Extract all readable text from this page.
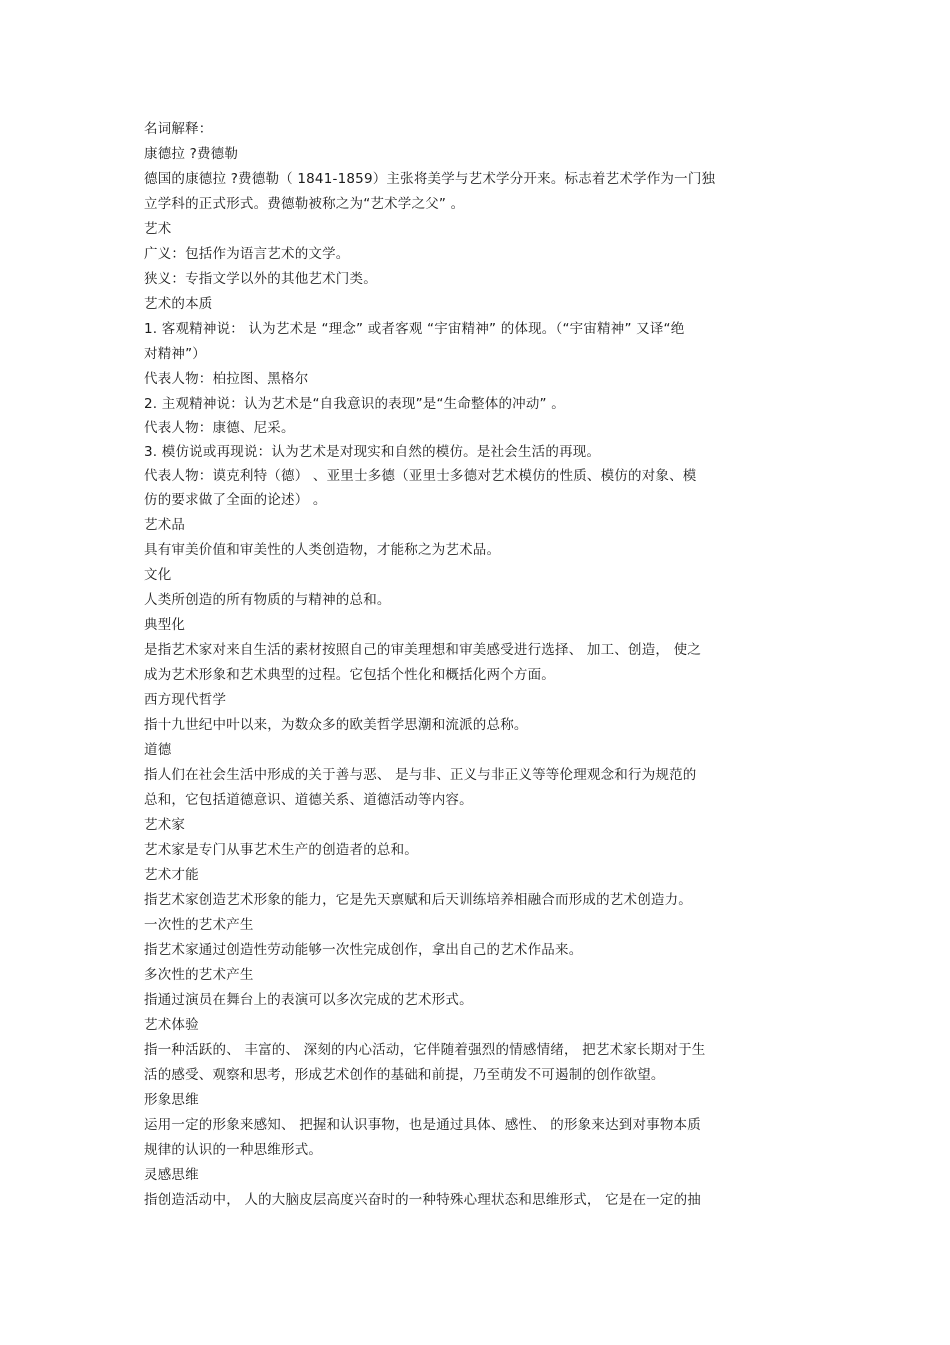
名词解释：
康德拉 ?费德勒
德国的康德拉 ?费德勒（ 1841-1859）主张将美学与艺术学分开来。标志着艺术学作为一门独
立学科的正式形式。费德勒被称之为“艺术学之父” 。
艺术
广义：包括作为语言艺术的文学。
狭义：专指文学以外的其他艺术门类。
艺术的本质
1. 客观精神说： 认为艺术是 “理念” 或者客观 “宇宙精神” 的体现。（“宇宙精神” 又译“绝
对精神”）
代表人物：柏拉图、黑格尔
2. 主观精神说：认为艺术是“自我意识的表现”是“生命整体的冲动” 。
代表人物：康德、尼采。
3. 模仿说或再现说：认为艺术是对现实和自然的模仿。是社会生活的再现。
代表人物：谟克利特（德） 、亚里士多德（亚里士多德对艺术模仿的性质、模仿的对象、模
仿的要求做了全面的论述） 。
艺术品
具有审美价值和审美性的人类创造物，才能称之为艺术品。
文化
人类所创造的所有物质的与精神的总和。
典型化
是指艺术家对来自生活的素材按照自己的审美理想和审美感受进行选择、 加工、创造， 使之
成为艺术形象和艺术典型的过程。它包括个性化和概括化两个方面。
西方现代哲学
指十九世纪中叶以来，为数众多的欧美哲学思潮和流派的总称。
道德
指人们在社会生活中形成的关于善与恶、 是与非、正义与非正义等等伦理观念和行为规范的
总和，它包括道德意识、道德关系、道德活动等内容。
艺术家
艺术家是专门从事艺术生产的创造者的总和。
艺术才能
指艺术家创造艺术形象的能力，它是先天禀赋和后天训练培养相融合而形成的艺术创造力。
一次性的艺术产生
指艺术家通过创造性劳动能够一次性完成创作，拿出自己的艺术作品来。
多次性的艺术产生
指通过演员在舞台上的表演可以多次完成的艺术形式。
艺术体验
指一种活跃的、 丰富的、 深刻的内心活动，它伴随着强烈的情感情绪， 把艺术家长期对于生
活的感受、观察和思考，形成艺术创作的基础和前提，乃至萌发不可遏制的创作欲望。
形象思维
运用一定的形象来感知、 把握和认识事物，也是通过具体、感性、 的形象来达到对事物本质
规律的认识的一种思维形式。
灵感思维
指创造活动中， 人的大脑皮层高度兴奋时的一种特殊心理状态和思维形式， 它是在一定的抽
